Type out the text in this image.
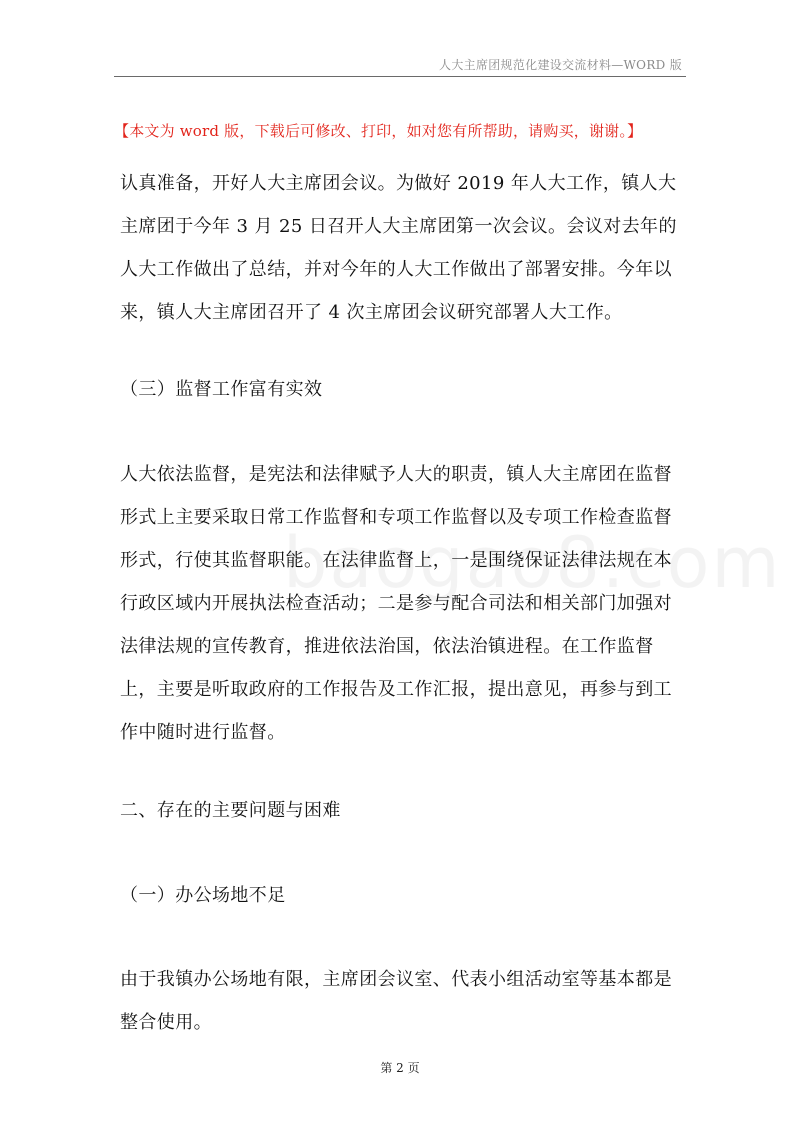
人大主席团规范化建设交流材料—WORD 版
【本文为 word 版，下载后可修改、打印，如对您有所帮助，请购买，谢谢。】

认真准备，开好人大主席团会议。为做好 2019 年人大工作，镇人大主席团于今年 3 月 25 日召开人大主席团第一次会议。会议对去年的人大工作做出了总结，并对今年的人大工作做出了部署安排。今年以来，镇人大主席团召开了 4 次主席团会议研究部署人大工作。

（三）监督工作富有实效

人大依法监督，是宪法和法律赋予人大的职责，镇人大主席团在监督形式上主要采取日常工作监督和专项工作监督以及专项工作检查监督形式，行使其监督职能。在法律监督上，一是围绕保证法律法规在本行政区域内开展执法检查活动；二是参与配合司法和相关部门加强对法律法规的宣传教育，推进依法治国，依法治镇进程。在工作监督上，主要是听取政府的工作报告及工作汇报，提出意见，再参与到工作中随时进行监督。

二、存在的主要问题与困难

（一）办公场地不足

由于我镇办公场地有限，主席团会议室、代表小组活动室等基本都是整合使用。

第 2 页
